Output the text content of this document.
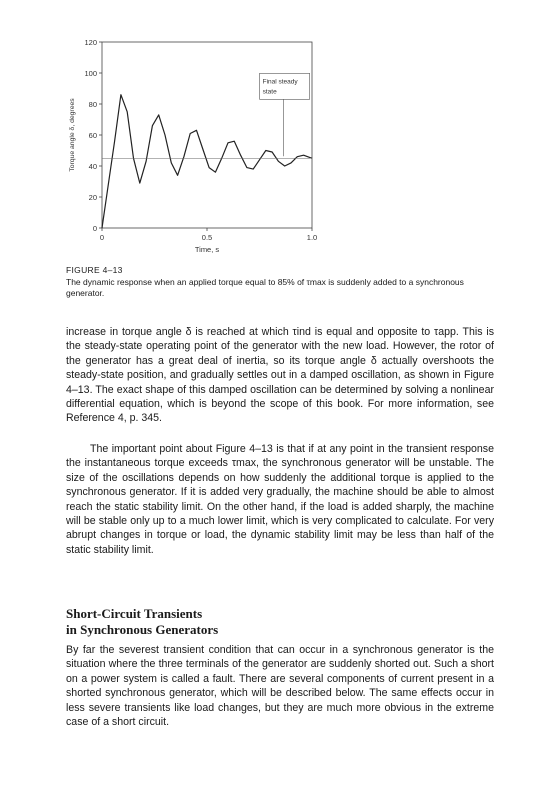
0
20
40
60
80
100
120
0	0.5	1.0
Time, s
Torque angle δ, degrees
Final steady
state
FIGURE 4–13
The dynamic response when an applied torque equal to 85% of τmax is suddenly added to a synchronous generator.

increase in torque angle δ is reached at which τind is equal and opposite to τapp. This is the steady-state operating point of the generator with the new load. However, the rotor of the generator has a great deal of inertia, so its torque angle δ actually overshoots the steady-state position, and gradually settles out in a damped oscillation, as shown in Figure 4–13. The exact shape of this damped oscillation can be determined by solving a nonlinear differential equation, which is beyond the scope of this book. For more information, see Reference 4, p. 345.

The important point about Figure 4–13 is that if at any point in the transient response the instantaneous torque exceeds τmax, the synchronous generator will be unstable. The size of the oscillations depends on how suddenly the additional torque is applied to the synchronous generator. If it is added very gradually, the machine should be able to almost reach the static stability limit. On the other hand, if the load is added sharply, the machine will be stable only up to a much lower limit, which is very complicated to calculate. For very abrupt changes in torque or load, the dynamic stability limit may be less than half of the static stability limit.

Short-Circuit Transients
in Synchronous Generators

By far the severest transient condition that can occur in a synchronous generator is the situation where the three terminals of the generator are suddenly shorted out. Such a short on a power system is called a fault. There are several components of current present in a shorted synchronous generator, which will be described below. The same effects occur in less severe transients like load changes, but they are much more obvious in the extreme case of a short circuit.
